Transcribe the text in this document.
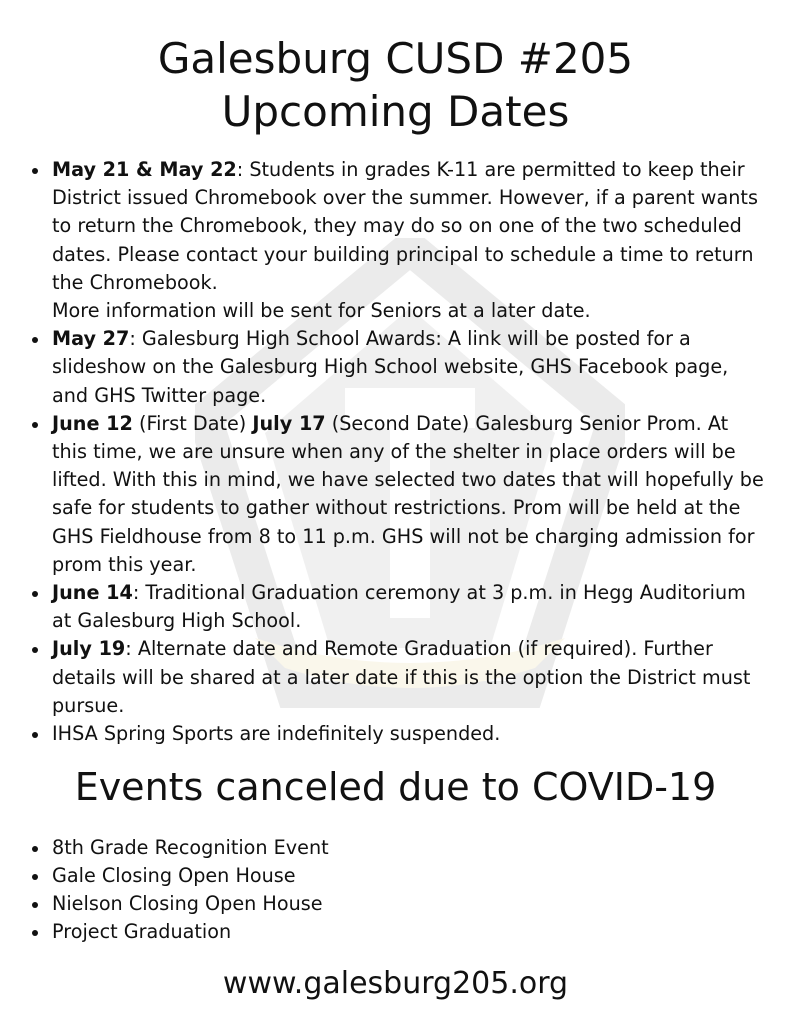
Galesburg CUSD #205
Upcoming Dates
May 21 & May 22: Students in grades K-11 are permitted to keep their District issued Chromebook over the summer. However, if a parent wants to return the Chromebook, they may do so on one of the two scheduled dates. Please contact your building principal to schedule a time to return the Chromebook.
More information will be sent for Seniors at a later date.
May 27: Galesburg High School Awards: A link will be posted for a slideshow on the Galesburg High School website, GHS Facebook page, and GHS Twitter page.
June 12 (First Date) July 17 (Second Date) Galesburg Senior Prom. At this time, we are unsure when any of the shelter in place orders will be lifted. With this in mind, we have selected two dates that will hopefully be safe for students to gather without restrictions. Prom will be held at the GHS Fieldhouse from 8 to 11 p.m. GHS will not be charging admission for prom this year.
June 14: Traditional Graduation ceremony at 3 p.m. in Hegg Auditorium at Galesburg High School.
July 19: Alternate date and Remote Graduation (if required). Further details will be shared at a later date if this is the option the District must pursue.
IHSA Spring Sports are indefinitely suspended.
Events canceled due to COVID-19
8th Grade Recognition Event
Gale Closing Open House
Nielson Closing Open House
Project Graduation
www.galesburg205.org
